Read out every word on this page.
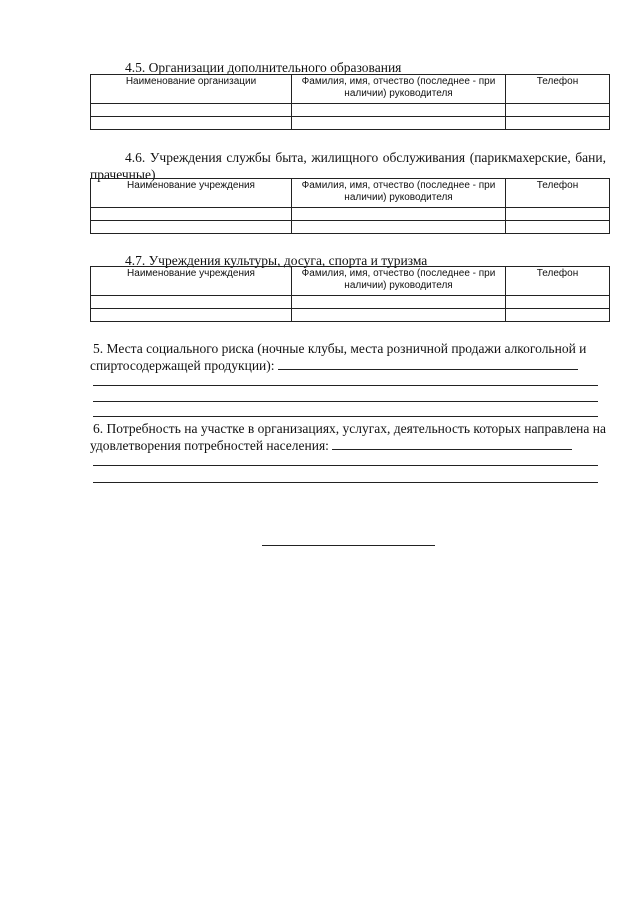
4.5. Организации дополнительного образования
Наименование организации	Фамилия, имя, отчество (последнее - при наличии) руководителя	Телефон

4.6. Учреждения службы быта, жилищного обслуживания (парикмахерские, бани, прачечные)
Наименование учреждения	Фамилия, имя, отчество (последнее - при наличии) руководителя	Телефон

4.7. Учреждения культуры, досуга, спорта и туризма
Наименование учреждения	Фамилия, имя, отчество (последнее - при наличии) руководителя	Телефон

5. Места социального риска (ночные клубы, места розничной продажи алкогольной и спиртосодержащей продукции):
6. Потребность на участке в организациях, услугах, деятельность которых направлена на удовлетворения потребностей населения:
